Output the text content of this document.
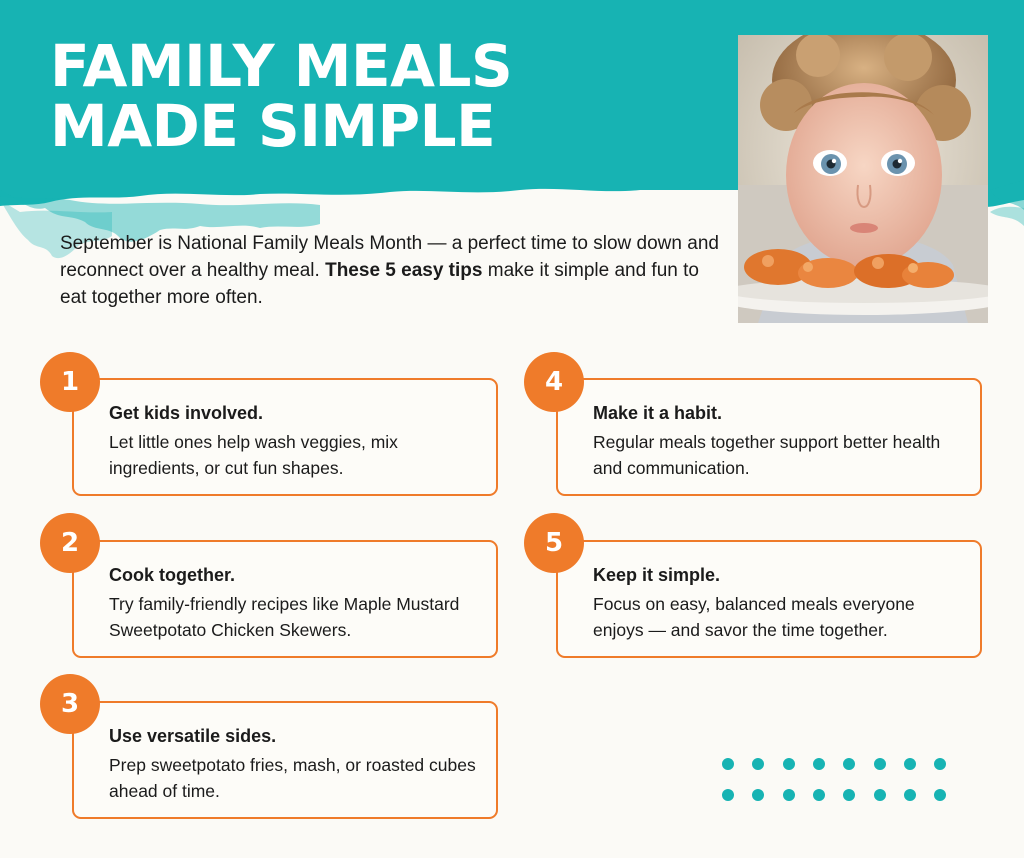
FAMILY MEALS
MADE SIMPLE

September is National Family Meals Month — a perfect time to slow down and reconnect over a healthy meal. These 5 easy tips make it simple and fun to eat together more often.

Get kids involved.
Let little ones help wash veggies, mix ingredients, or cut fun shapes.
1
Cook together.
Try family-friendly recipes like Maple Mustard Sweetpotato Chicken Skewers.
2
Use versatile sides.
Prep sweetpotato fries, mash, or roasted cubes ahead of time.
3
Make it a habit.
Regular meals together support better health and communication.
4
Keep it simple.
Focus on easy, balanced meals everyone enjoys — and savor the time together.
5
